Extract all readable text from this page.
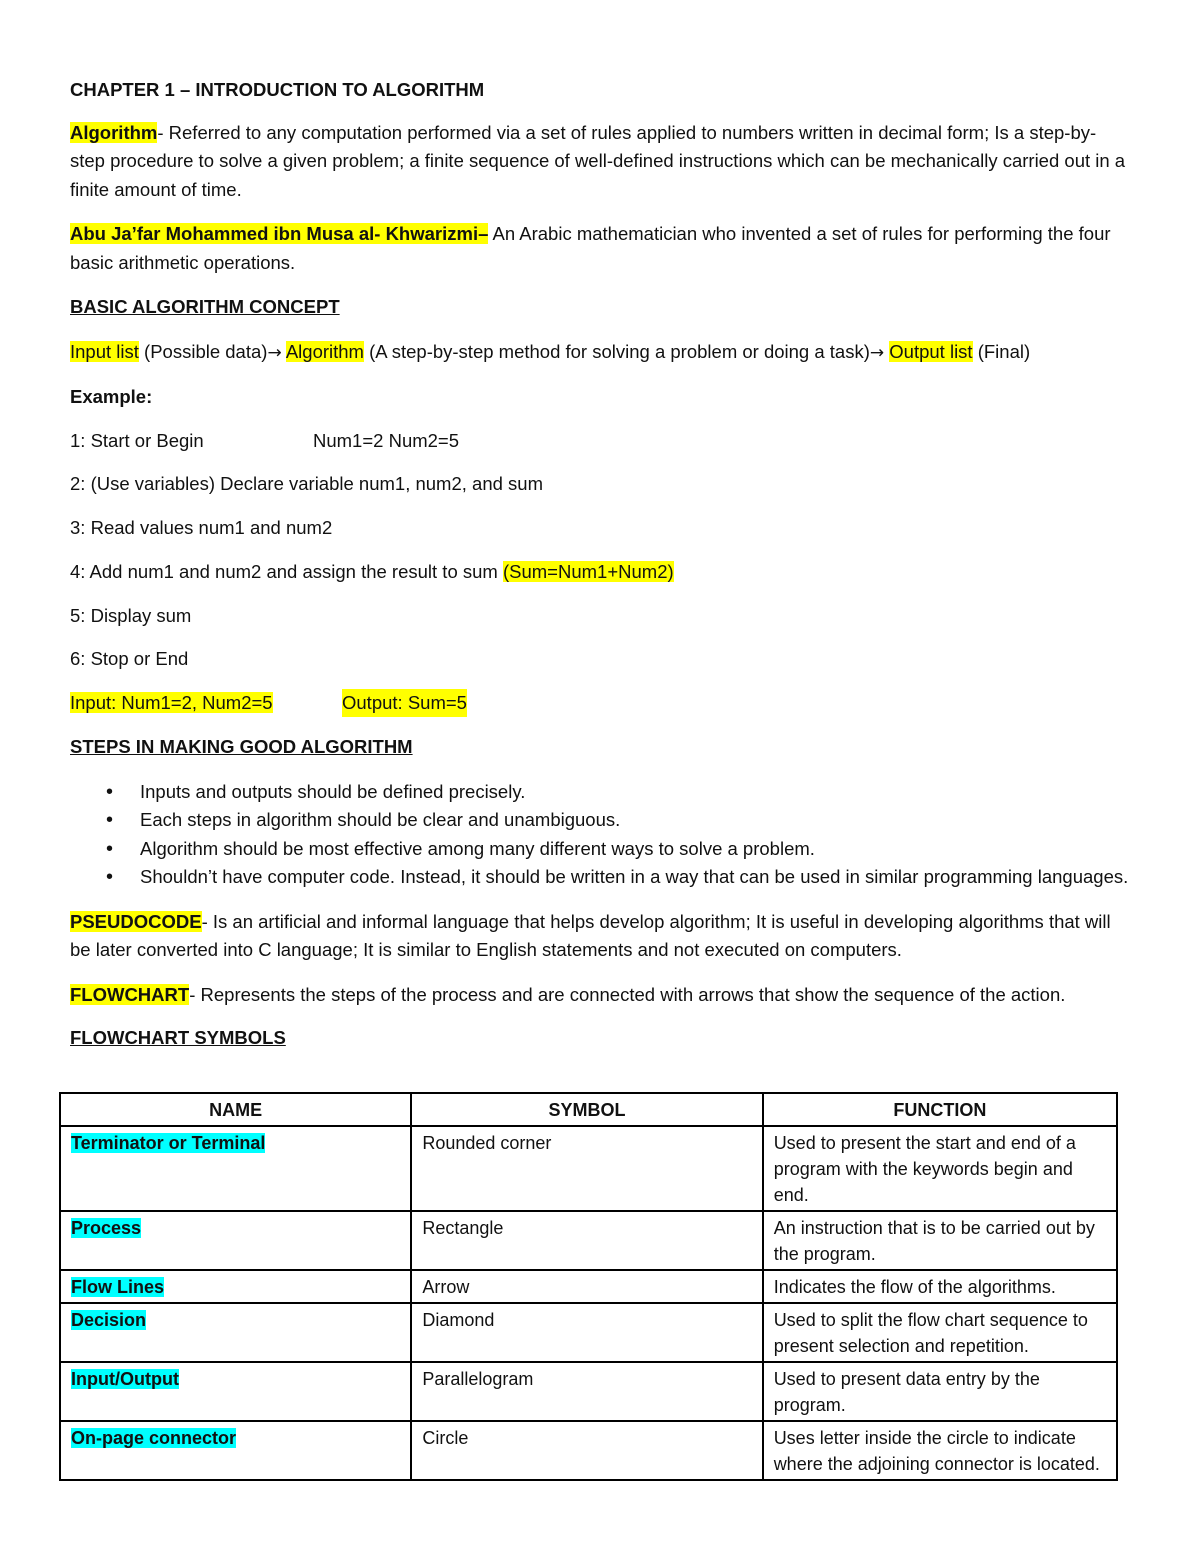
CHAPTER 1 – INTRODUCTION TO ALGORITHM

Algorithm- Referred to any computation performed via a set of rules applied to numbers written in decimal form; Is a step-by-step procedure to solve a given problem; a finite sequence of well-defined instructions which can be mechanically carried out in a finite amount of time.

Abu Ja’far Mohammed ibn Musa al- Khwarizmi– An Arabic mathematician who invented a set of rules for performing the four basic arithmetic operations.

BASIC ALGORITHM CONCEPT

Input list (Possible data)→ Algorithm (A step-by-step method for solving a problem or doing a task)→ Output list (Final)

Example:

1: Start or Begin	Num1=2 Num2=5

2: (Use variables) Declare variable num1, num2, and sum

3: Read values num1 and num2

4: Add num1 and num2 and assign the result to sum (Sum=Num1+Num2)

5: Display sum

6: Stop or End

Input: Num1=2, Num2=5	Output: Sum=5

STEPS IN MAKING GOOD ALGORITHM

• Inputs and outputs should be defined precisely.
• Each steps in algorithm should be clear and unambiguous.
• Algorithm should be most effective among many different ways to solve a problem.
• Shouldn’t have computer code. Instead, it should be written in a way that can be used in similar programming languages.

PSEUDOCODE- Is an artificial and informal language that helps develop algorithm; It is useful in developing algorithms that will be later converted into C language; It is similar to English statements and not executed on computers.

FLOWCHART- Represents the steps of the process and are connected with arrows that show the sequence of the action.

FLOWCHART SYMBOLS

NAME	SYMBOL	FUNCTION
Terminator or Terminal	Rounded corner	Used to present the start and end of a program with the keywords begin and end.
Process	Rectangle	An instruction that is to be carried out by the program.
Flow Lines	Arrow	Indicates the flow of the algorithms.
Decision	Diamond	Used to split the flow chart sequence to present selection and repetition.
Input/Output	Parallelogram	Used to present data entry by the program.
On-page connector	Circle	Uses letter inside the circle to indicate where the adjoining connector is located.
